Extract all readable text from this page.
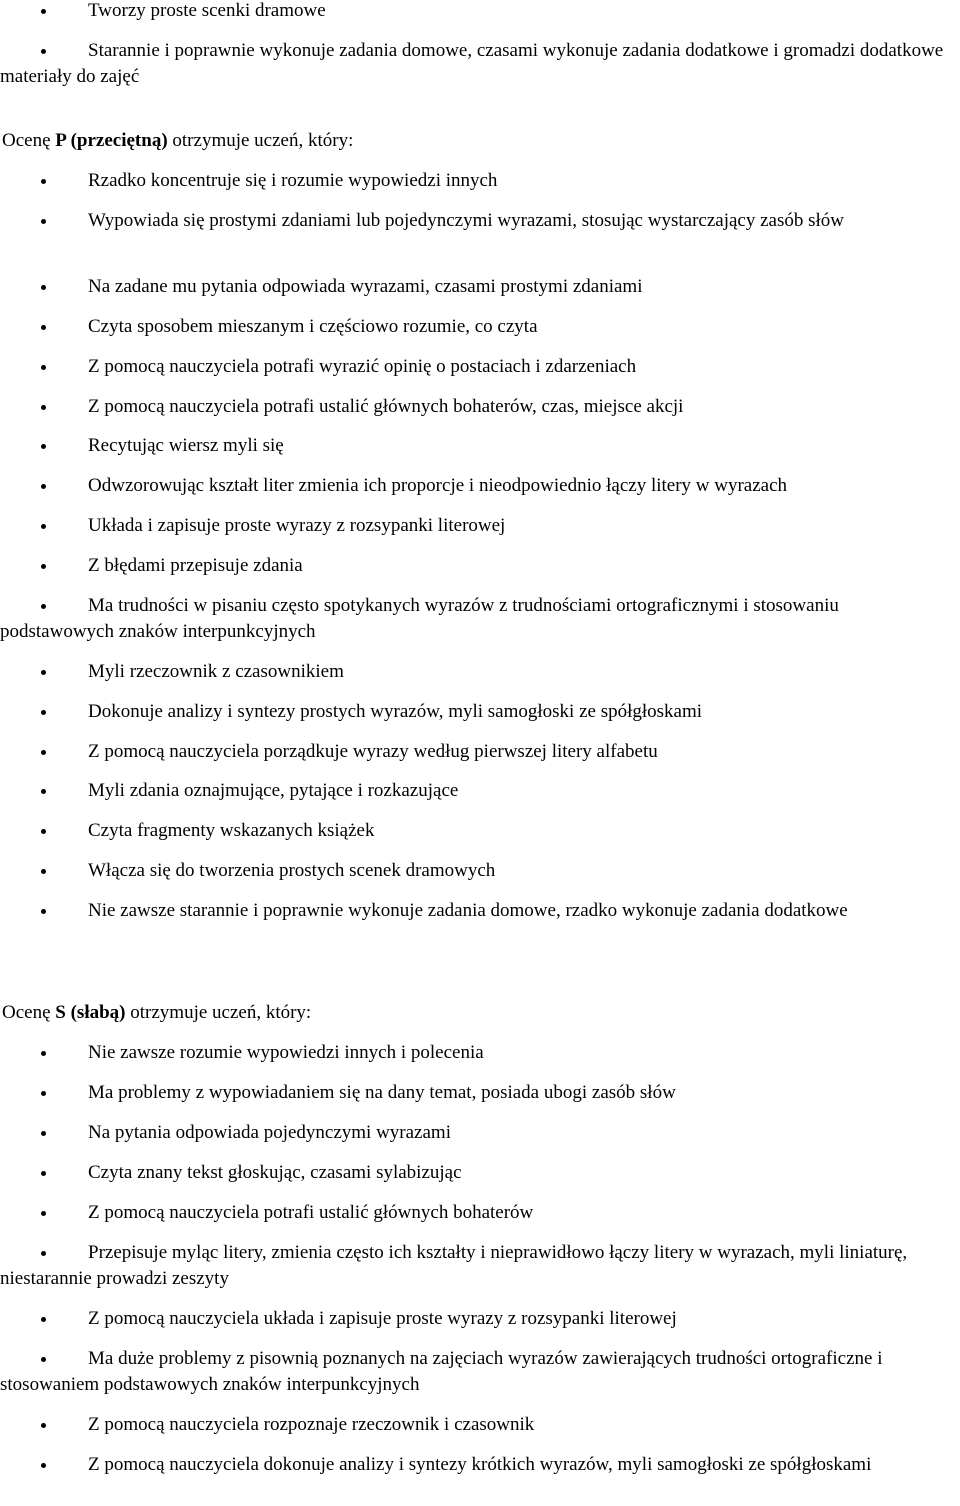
Tworzy proste scenki dramowe
Starannie i poprawnie wykonuje zadania domowe, czasami wykonuje zadania dodatkowe i gromadzi dodatkowe materiały do zajęć
Ocenę P (przeciętną) otrzymuje uczeń, który:
Rzadko koncentruje się i rozumie wypowiedzi innych
Wypowiada się prostymi zdaniami lub pojedynczymi wyrazami, stosując wystarczający zasób słów
Na zadane mu pytania odpowiada wyrazami, czasami prostymi zdaniami
Czyta sposobem mieszanym i częściowo rozumie, co czyta
Z pomocą nauczyciela potrafi wyrazić opinię o postaciach i zdarzeniach
Z pomocą nauczyciela potrafi ustalić głównych bohaterów, czas, miejsce akcji
Recytując wiersz myli się
Odwzorowując kształt liter zmienia ich proporcje i nieodpowiednio łączy litery w wyrazach
Układa i zapisuje proste wyrazy z rozsypanki literowej
Z błędami przepisuje zdania
Ma trudności w pisaniu często spotykanych wyrazów z trudnościami ortograficznymi i stosowaniu podstawowych znaków interpunkcyjnych
Myli rzeczownik z czasownikiem
Dokonuje analizy i syntezy prostych wyrazów, myli samogłoski ze spółgłoskami
Z pomocą nauczyciela porządkuje wyrazy według pierwszej litery alfabetu
Myli zdania oznajmujące, pytające i rozkazujące
Czyta fragmenty wskazanych książek
Włącza się do tworzenia prostych scenek dramowych
Nie zawsze starannie i poprawnie wykonuje zadania domowe, rzadko wykonuje zadania dodatkowe
Ocenę S (słabą) otrzymuje uczeń, który:
Nie zawsze rozumie wypowiedzi innych i polecenia
Ma problemy z wypowiadaniem się na dany temat, posiada ubogi zasób słów
Na pytania odpowiada pojedynczymi wyrazami
Czyta znany tekst głoskując, czasami sylabizując
Z pomocą nauczyciela potrafi ustalić głównych bohaterów
Przepisuje myląc litery, zmienia często ich kształty i nieprawidłowo łączy litery w wyrazach, myli liniaturę, niestarannie prowadzi zeszyty
Z pomocą nauczyciela układa i zapisuje proste wyrazy z rozsypanki literowej
Ma duże problemy z pisownią poznanych na zajęciach wyrazów zawierających trudności ortograficzne i stosowaniem podstawowych znaków interpunkcyjnych
Z pomocą nauczyciela rozpoznaje rzeczownik i czasownik
Z pomocą nauczyciela dokonuje analizy i syntezy krótkich wyrazów, myli samogłoski ze spółgłoskami
